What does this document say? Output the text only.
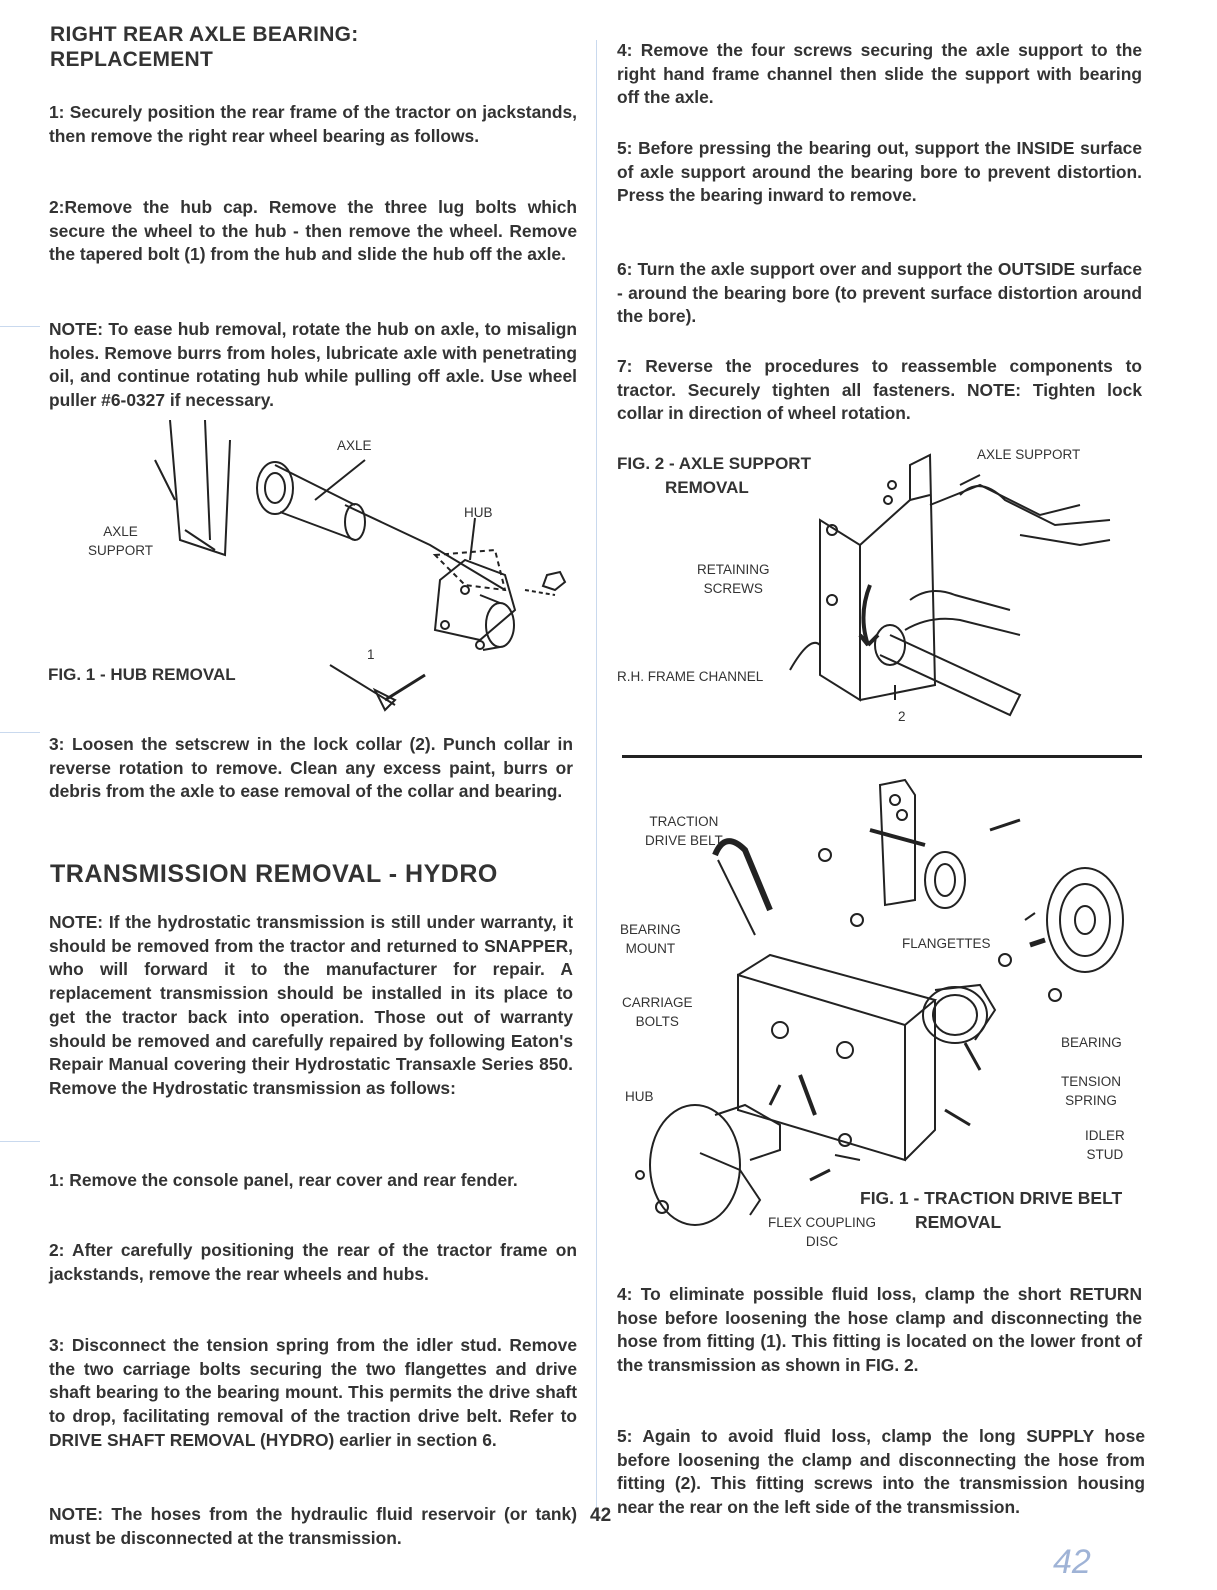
RIGHT REAR AXLE BEARING:
REPLACEMENT

1: Securely position the rear frame of the tractor on jackstands, then remove the right rear wheel bearing as follows.

2:Remove the hub cap. Remove the three lug bolts which secure the wheel to the hub - then remove the wheel. Remove the tapered bolt (1) from the hub and slide the hub off the axle.

NOTE: To ease hub removal, rotate the hub on axle, to misalign holes. Remove burrs from holes, lubricate axle with penetrating oil, and continue rotating hub while pulling off axle. Use wheel puller #6-0327 if necessary.

AXLE
HUB
AXLE
SUPPORT
1
FIG. 1 - HUB REMOVAL

3: Loosen the setscrew in the lock collar (2). Punch collar in reverse rotation to remove. Clean any excess paint, burrs or debris from the axle to ease removal of the collar and bearing.

TRANSMISSION REMOVAL - HYDRO

NOTE: If the hydrostatic transmission is still under warranty, it should be removed from the tractor and returned to SNAPPER, who will forward it to the manufacturer for repair. A replacement transmission should be installed in its place to get the tractor back into operation. Those out of warranty should be removed and carefully repaired by following Eaton's Repair Manual covering their Hydrostatic Transaxle Series 850. Remove the Hydrostatic transmission as follows:

1: Remove the console panel, rear cover and rear fender.

2: After carefully positioning the rear of the tractor frame on jackstands, remove the rear wheels and hubs.

3: Disconnect the tension spring from the idler stud. Remove the two carriage bolts securing the two flangettes and drive shaft bearing to the bearing mount. This permits the drive shaft to drop, facilitating removal of the traction drive belt. Refer to DRIVE SHAFT REMOVAL (HYDRO) earlier in section 6.

NOTE: The hoses from the hydraulic fluid reservoir (or tank) must be disconnected at the transmission.

4: Remove the four screws securing the axle support to the right hand frame channel then slide the support with bearing off the axle.

5: Before pressing the bearing out, support the INSIDE surface of axle support around the bearing bore to prevent distortion. Press the bearing inward to remove.

6: Turn the axle support over and support the OUTSIDE surface - around the bearing bore (to prevent surface distortion around the bore).

7: Reverse the procedures to reassemble components to tractor. Securely tighten all fasteners. NOTE: Tighten lock collar in direction of wheel rotation.

FIG. 2 - AXLE SUPPORT
REMOVAL
AXLE SUPPORT
RETAINING
SCREWS
R.H. FRAME CHANNEL
2
TRACTION
DRIVE BELT
BEARING
MOUNT
CARRIAGE
BOLTS
HUB
FLANGETTES
BEARING
TENSION
SPRING
IDLER
STUD
FLEX COUPLING
DISC
FIG. 1 - TRACTION DRIVE BELT
REMOVAL

4: To eliminate possible fluid loss, clamp the short RETURN hose before loosening the hose clamp and disconnecting the hose from fitting (1). This fitting is located on the lower front of the transmission as shown in FIG. 2.

5: Again to avoid fluid loss, clamp the long SUPPLY hose before loosening the clamp and disconnecting the hose from fitting (2). This fitting screws into the transmission housing near the rear on the left side of the transmission.

42
42
